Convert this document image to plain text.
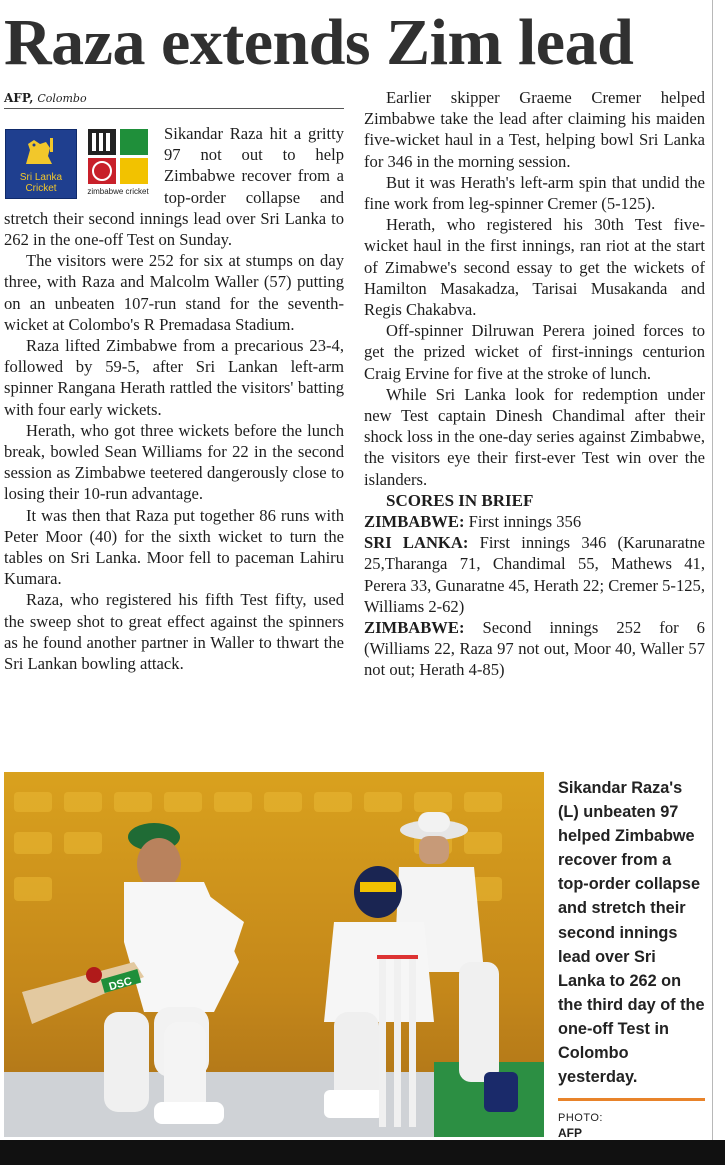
Raza extends Zim lead
AFP, Colombo
Sri Lanka
Cricket	zimbabwe cricket

Sikandar Raza hit a gritty 97 not out to help Zimbabwe recover from a top-order collapse and stretch their second innings lead over Sri Lanka to 262 in the one-off Test on Sunday.

The visitors were 252 for six at stumps on day three, with Raza and Malcolm Waller (57) putting on an unbeaten 107-run stand for the seventh-wicket at Colombo's R Premadasa Stadium.

Raza lifted Zimbabwe from a precarious 23-4, followed by 59-5, after Sri Lankan left-arm spinner Rangana Herath rattled the visitors' batting with four early wickets.

Herath, who got three wickets before the lunch break, bowled Sean Williams for 22 in the second session as Zimbabwe teetered dangerously close to losing their 10-run advantage.

It was then that Raza put together 86 runs with Peter Moor (40) for the sixth wicket to turn the tables on Sri Lanka. Moor fell to paceman Lahiru Kumara.

Raza, who registered his fifth Test fifty, used the sweep shot to great effect against the spinners as he found another partner in Waller to thwart the Sri Lankan bowling attack.

Earlier skipper Graeme Cremer helped Zimbabwe take the lead after claiming his maiden five-wicket haul in a Test, helping bowl Sri Lanka for 346 in the morning session.

But it was Herath's left-arm spin that undid the fine work from leg-spinner Cremer (5-125).

Herath, who registered his 30th Test five-wicket haul in the first innings, ran riot at the start of Zimabwe's second essay to get the wickets of Hamilton Masakadza, Tarisai Musakanda and Regis Chakabva.

Off-spinner Dilruwan Perera joined forces to get the prized wicket of first-innings centurion Craig Ervine for five at the stroke of lunch.

While Sri Lanka look for redemption under new Test captain Dinesh Chandimal after their shock loss in the one-day series against Zimbabwe, the visitors eye their first-ever Test win over the islanders.

SCORES IN BRIEF

ZIMBABWE: First innings 356

SRI LANKA: First innings 346 (Karunaratne 25,Tharanga 71, Chandimal 55, Mathews 41, Perera 33, Gunaratne 45, Herath 22; Cremer 5-125, Williams 2-62)

ZIMBABWE: Second innings 252 for 6 (Williams 22, Raza 97 not out, Moor 40, Waller 57 not out; Herath 4-85)

DSC
Sikandar Raza's (L) unbeaten 97 helped Zimbabwe recover from a top-order collapse and stretch their second innings lead over Sri Lanka to 262 on the third day of the one-off Test in Colombo yesterday.
PHOTO:
AFP
